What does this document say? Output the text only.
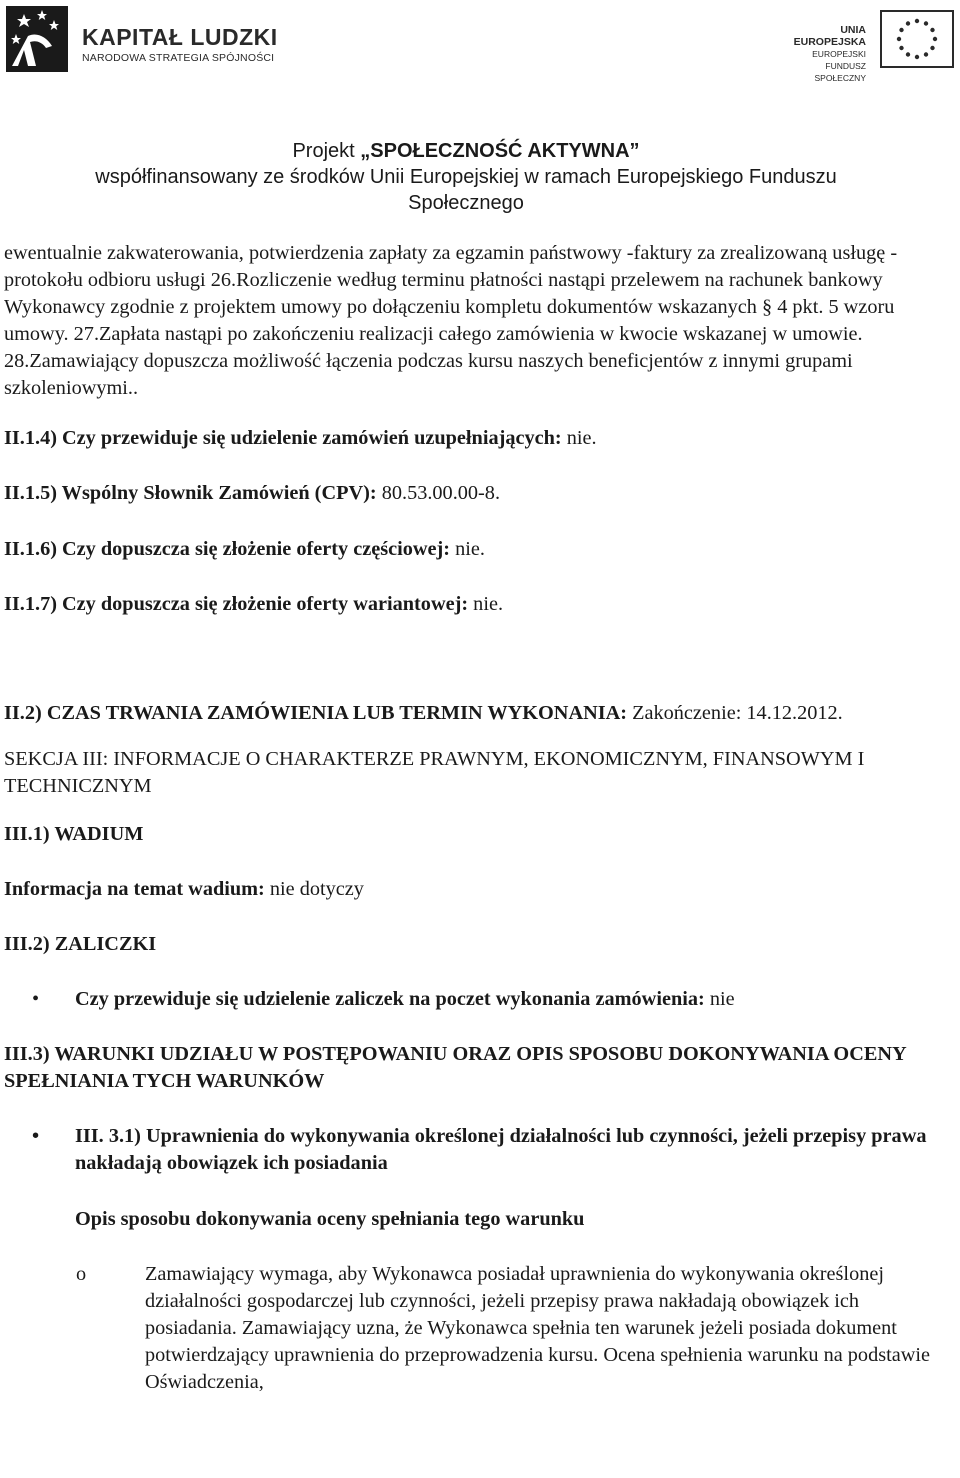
KAPITAŁ LUDZKI
NARODOWA STRATEGIA SPÓJNOŚCI
UNIA EUROPEJSKA
EUROPEJSKI
FUNDUSZ SPOŁECZNY
Projekt „SPOŁECZNOŚĆ AKTYWNA”
współfinansowany ze środków Unii Europejskiej w ramach Europejskiego Funduszu
Społecznego

ewentualnie zakwaterowania, potwierdzenia zapłaty za egzamin państwowy -faktury za zrealizowaną usługę -protokołu odbioru usługi 26.Rozliczenie według terminu płatności nastąpi przelewem na rachunek bankowy Wykonawcy zgodnie z projektem umowy po dołączeniu kompletu dokumentów wskazanych § 4 pkt. 5 wzoru umowy. 27.Zapłata nastąpi po zakończeniu realizacji całego zamówienia w kwocie wskazanej w umowie. 28.Zamawiający dopuszcza możliwość łączenia podczas kursu naszych beneficjentów z innymi grupami szkoleniowymi..

II.1.4) Czy przewiduje się udzielenie zamówień uzupełniających: nie.

II.1.5) Wspólny Słownik Zamówień (CPV): 80.53.00.00-8.

II.1.6) Czy dopuszcza się złożenie oferty częściowej: nie.

II.1.7) Czy dopuszcza się złożenie oferty wariantowej: nie.

II.2) CZAS TRWANIA ZAMÓWIENIA LUB TERMIN WYKONANIA: Zakończenie: 14.12.2012.

SEKCJA III: INFORMACJE O CHARAKTERZE PRAWNYM, EKONOMICZNYM, FINANSOWYM I TECHNICZNYM

III.1) WADIUM

Informacja na temat wadium: nie dotyczy

III.2) ZALICZKI

• Czy przewiduje się udzielenie zaliczek na poczet wykonania zamówienia: nie

III.3) WARUNKI UDZIAŁU W POSTĘPOWANIU ORAZ OPIS SPOSOBU DOKONYWANIA OCENY SPEŁNIANIA TYCH WARUNKÓW

• III. 3.1) Uprawnienia do wykonywania określonej działalności lub czynności, jeżeli przepisy prawa nakładają obowiązek ich posiadania

Opis sposobu dokonywania oceny spełniania tego warunku

o	Zamawiający wymaga, aby Wykonawca posiadał uprawnienia do wykonywania określonej działalności gospodarczej lub czynności, jeżeli przepisy prawa nakładają obowiązek ich posiadania. Zamawiający uzna, że Wykonawca spełnia ten warunek jeżeli posiada dokument potwierdzający uprawnienia do przeprowadzenia kursu. Ocena spełnienia warunku na podstawie Oświadczenia,
